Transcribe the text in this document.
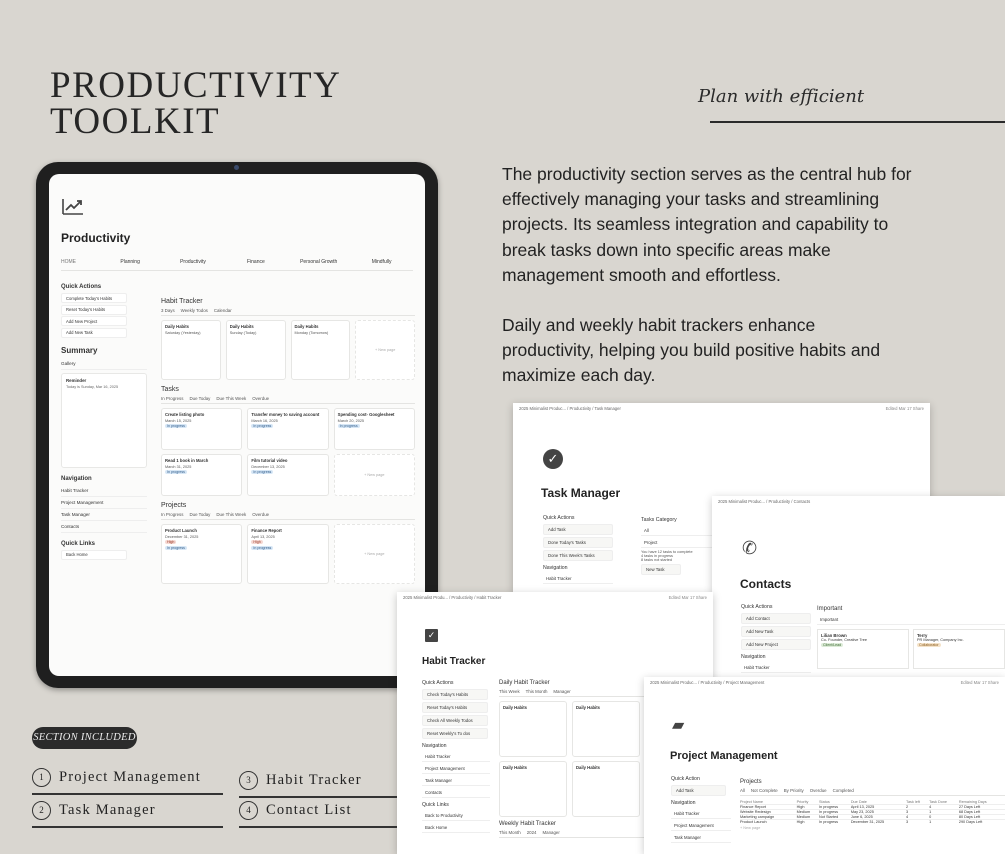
PRODUCTIVITY TOOLKIT
Plan with efficient

The productivity section serves as the central hub for effectively managing your tasks and streamlining projects. Its seamless integration and capability to break tasks down into specific areas make management smooth and effortless.

Daily and weekly habit trackers enhance productivity, helping you build positive habits and maximize each day.

Productivity
HOME	Planning	Productivity	Finance	Personal Growth	Mindfully
Quick Actions
Complete Today's Habits
Reset Today's Habits
Add New Project
Add New Task
Summary
Gallery
Reminder
Today is Sunday, Mar 16, 2025
Navigation
Habit Tracker
Project Management
Task Manager
Contacts
Quick Links
Back Home
Habit Tracker
3 Days Weekly Todos Calendar
Daily Habits
Saturday (Yesterday)
Daily Habits
Sunday (Today)
Daily Habits
Monday (Tomorrow)
+ New page
Tasks
In Progress Due Today Due This Week Overdue
Create listing photo
March 15, 2025
In progress
Transfer money to saving account
March 16, 2025
In progress
Spending cost- Googlesheet
March 20, 2025
In progress
Read 1 book in March
March 31, 2025
In progress
Film tutorial video
December 13, 2025
In progress
+ New page
Projects
In Progress Due Today Due This Week Overdue
Product Launch
December 31, 2025
High
In progress
Finance Report
April 13, 2025
High
In progress
+ New page
2025 Minimalist Produc... / Productivity / Task Manager	Edited Mar 17 Share
✓
Task Manager
Quick Actions
Add Task
Done Today's Tasks
Done This Week's Tasks
Navigation
Habit Tracker
Tasks Category
All
Project
You have 12 tasks to complete
4 tasks in progress
8 tasks not started
New Task
2025 Minimalist Produc... / Productivity / Contacts
✆
Contacts
Quick Actions
Add Contact
Add New Task
Add New Project
Navigation
Habit Tracker
Important
Important
Lilian Brown
Co- Founder, Creative Tree
Client/Lead
Terry
PR Manager, Company Inc.
Collaborator
2025 Minimalist Produ... / Productivity / Habit Tracker	Edited Mar 17 Share
✓
Habit Tracker
Quick Actions
Check Today's Habits
Reset Today's Habits
Check All Weekly Todos
Reset Weekly's To dos
Navigation
Habit Tracker
Project Management
Task Manager
Contacts
Quick Links
Back to Productivity
Back Home
Daily Habit Tracker
This Week This Month Manager
Daily Habits	Daily Habits
Daily Habits	Daily Habits
Weekly Habit Tracker
This Month 2024 Manager
2025 Minimalist Produc... / Productivity / Project Management	Edited Mar 17 Share
▰
Project Management
Quick Action
Add Task
Navigation
Habit Tracker
Project Management
Task Manager
Projects
All Not Complete By Priority Overdue Completed
Project Name	Priority	Status	Due Date	Task left	Task Done	Remaining Days
Finance Report	High	In progress	April 13, 2025	2	4	27 Days Left
Website Redesign	Medium	In progress	May 23, 2025	3	1	68 Days Left
Marketing campaign	Medium	Not Started	June 6, 2025	4	0	80 Days Left
Product Launch	High	In progress	December 31, 2025	3	1	290 Days Left
+ New page
SECTION INCLUDED
1	Project Management
2	Task Manager
3	Habit Tracker
4	Contact List
